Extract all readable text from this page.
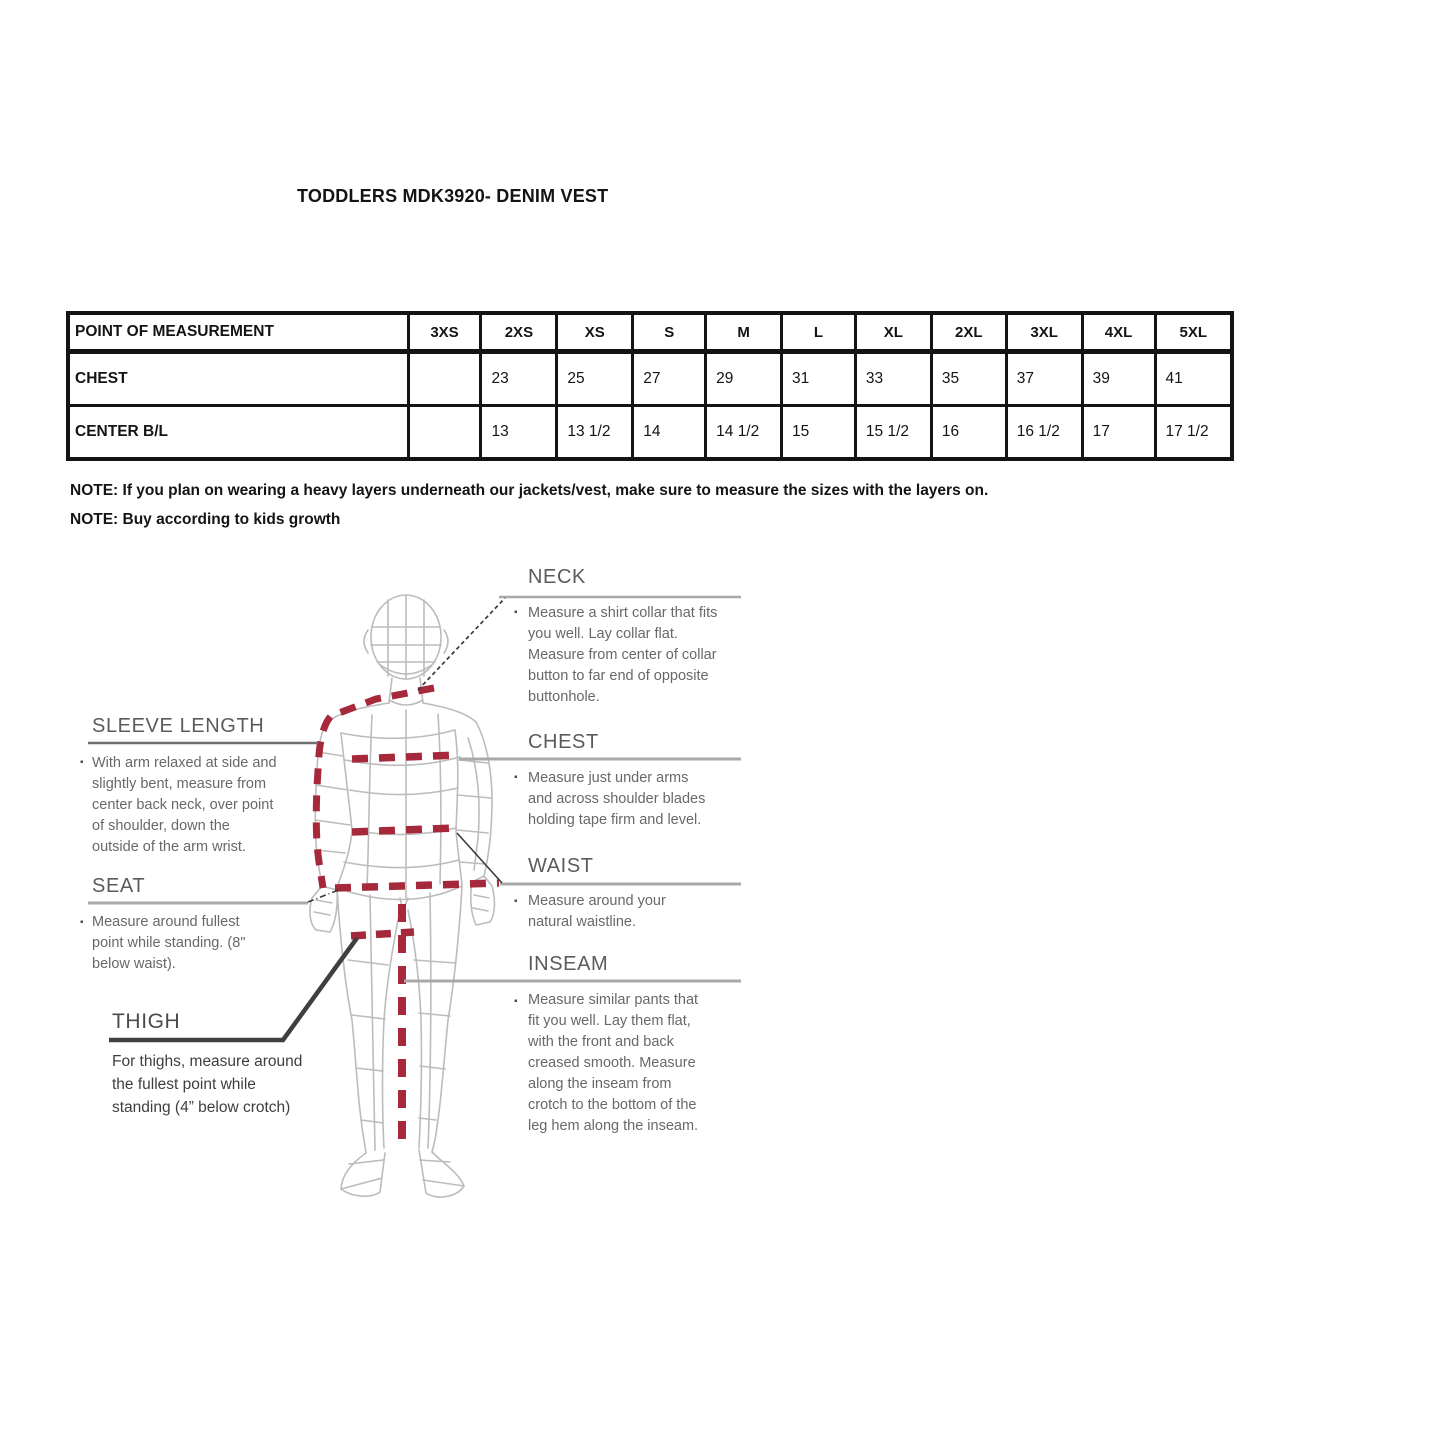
TODDLERS MDK3920- DENIM VEST
POINT OF MEASUREMENT	3XS	2XS	XS	S	M	L	XL	2XL	3XL	4XL	5XL
CHEST		23	25	27	29	31	33	35	37	39	41
CENTER B/L		13	13 1/2	14	14 1/2	15	15 1/2	16	16 1/2	17	17 1/2
NOTE: If you plan on wearing a heavy layers underneath our jackets/vest, make sure to measure the sizes with the layers on.
NOTE: Buy according to kids growth
NECK
▪ Measure a shirt collar that fits you well. Lay collar flat. Measure from center of collar button to far end of opposite buttonhole.

CHEST
▪ Measure just under arms and across shoulder blades holding tape firm and level.

WAIST
▪ Measure around your natural waistline.

INSEAM
▪ Measure similar pants that fit you well. Lay them flat, with the front and back creased smooth. Measure along the inseam from crotch to the bottom of the leg hem along the inseam.

SLEEVE LENGTH
▪ With arm relaxed at side and slightly bent, measure from center back neck, over point of shoulder, down the outside of the arm wrist.

SEAT
▪ Measure around fullest point while standing. (8" below waist).

THIGH

For thighs, measure around the fullest point while standing (4” below crotch)
